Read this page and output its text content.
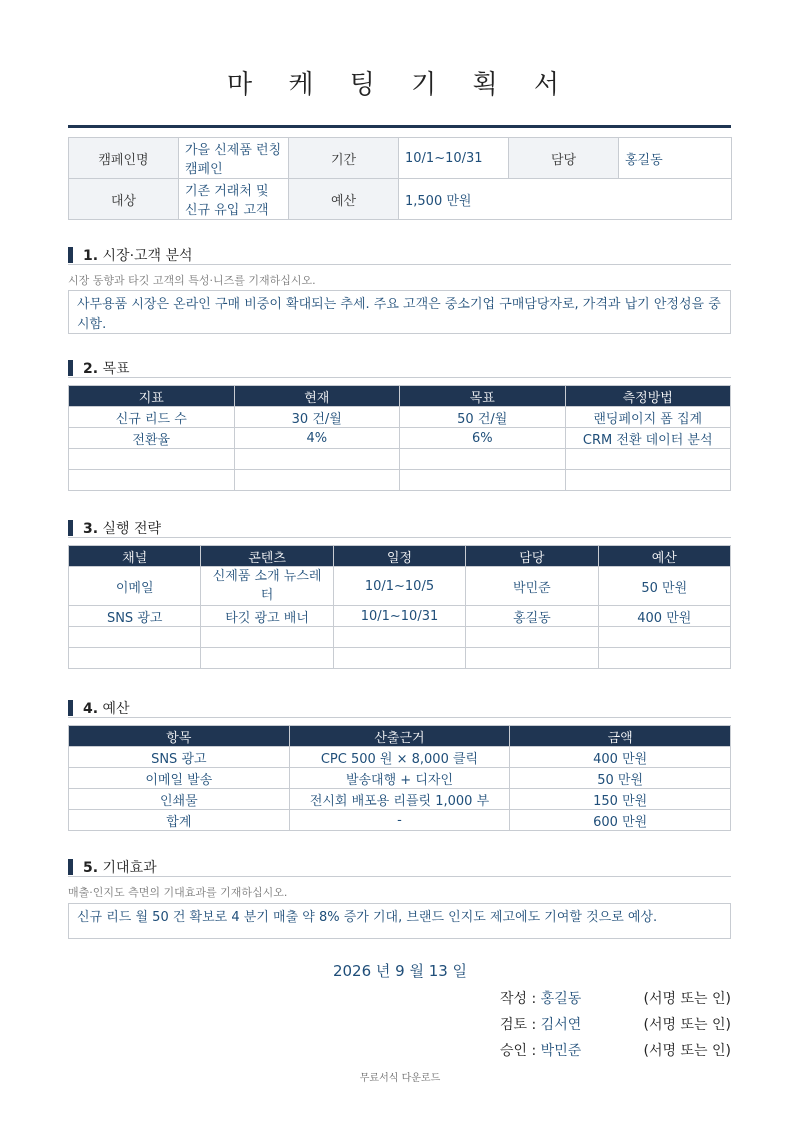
마 케 팅 기 획 서
캠페인명	가을 신제품 런칭 캠페인	기간	10/1~10/31	담당	홍길동
대상	기존 거래처 및 신규 유입 고객	예산	1,500 만원		
1. 시장·고객 분석
시장 동향과 타깃 고객의 특성·니즈를 기재하십시오.
사무용품 시장은 온라인 구매 비중이 확대되는 추세. 주요 고객은 중소기업 구매담당자로, 가격과 납기 안정성을 중시함.
2. 목표
지표	현재	목표	측정방법
신규 리드 수	30 건/월	50 건/월	랜딩페이지 폼 집계
전환율	4%	6%	CRM 전환 데이터 분석

3. 실행 전략
채널	콘텐츠	일정	담당	예산
이메일	신제품 소개 뉴스레터	10/1~10/5	박민준	50 만원
SNS 광고	타깃 광고 배너	10/1~10/31	홍길동	400 만원

4. 예산
항목	산출근거	금액
SNS 광고	CPC 500 원 × 8,000 클릭	400 만원
이메일 발송	발송대행 + 디자인	50 만원
인쇄물	전시회 배포용 리플릿 1,000 부	150 만원
합계	-	600 만원
5. 기대효과
매출·인지도 측면의 기대효과를 기재하십시오.
신규 리드 월 50 건 확보로 4 분기 매출 약 8% 증가 기대, 브랜드 인지도 제고에도 기여할 것으로 예상.
2026 년 9 월 13 일
작성 : 홍길동	(서명 또는 인)
검토 : 김서연	(서명 또는 인)
승인 : 박민준	(서명 또는 인)
무료서식 다운로드
